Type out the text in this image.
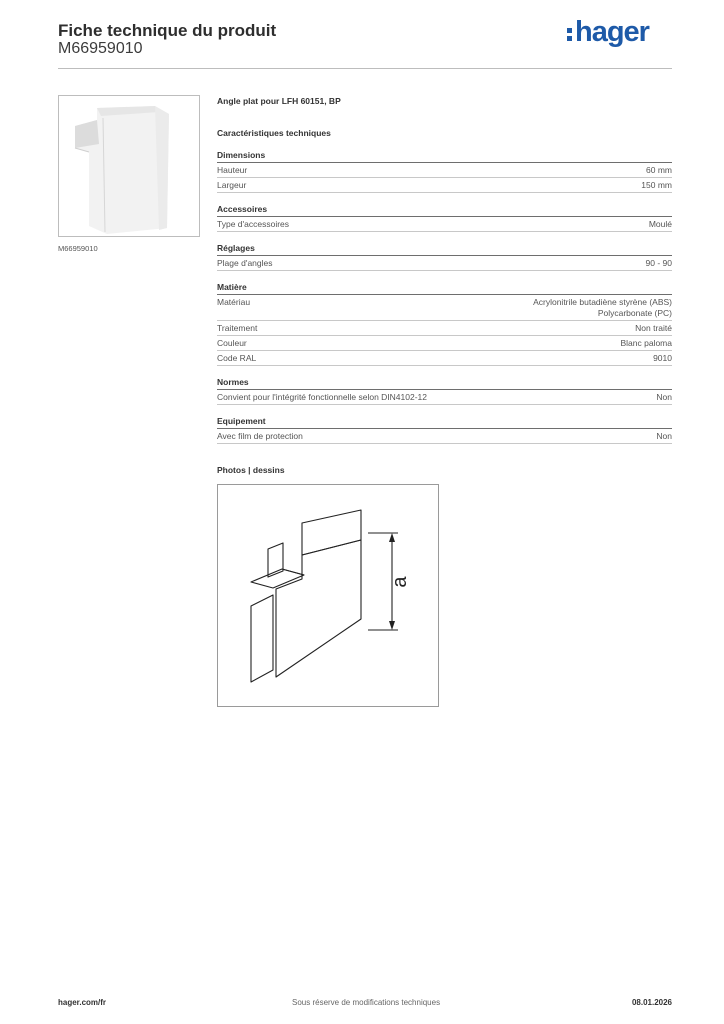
Fiche technique du produit
M66959010
hager
M66959010
Angle plat pour LFH 60151, BP
Caractéristiques techniques
Dimensions
Hauteur	60 mm
Largeur	150 mm
Accessoires
Type d'accessoires	Moulé
Réglages
Plage d'angles	90 - 90
Matière
Matériau	Acrylonitrile butadiène styrène (ABS)
Polycarbonate (PC)
Traitement	Non traité
Couleur	Blanc paloma
Code RAL	9010
Normes
Convient pour l'intégrité fonctionnelle selon DIN4102-12	Non
Equipement
Avec film de protection	Non
Photos | dessins
a
hager.com/fr	Sous réserve de modifications techniques	08.01.2026
